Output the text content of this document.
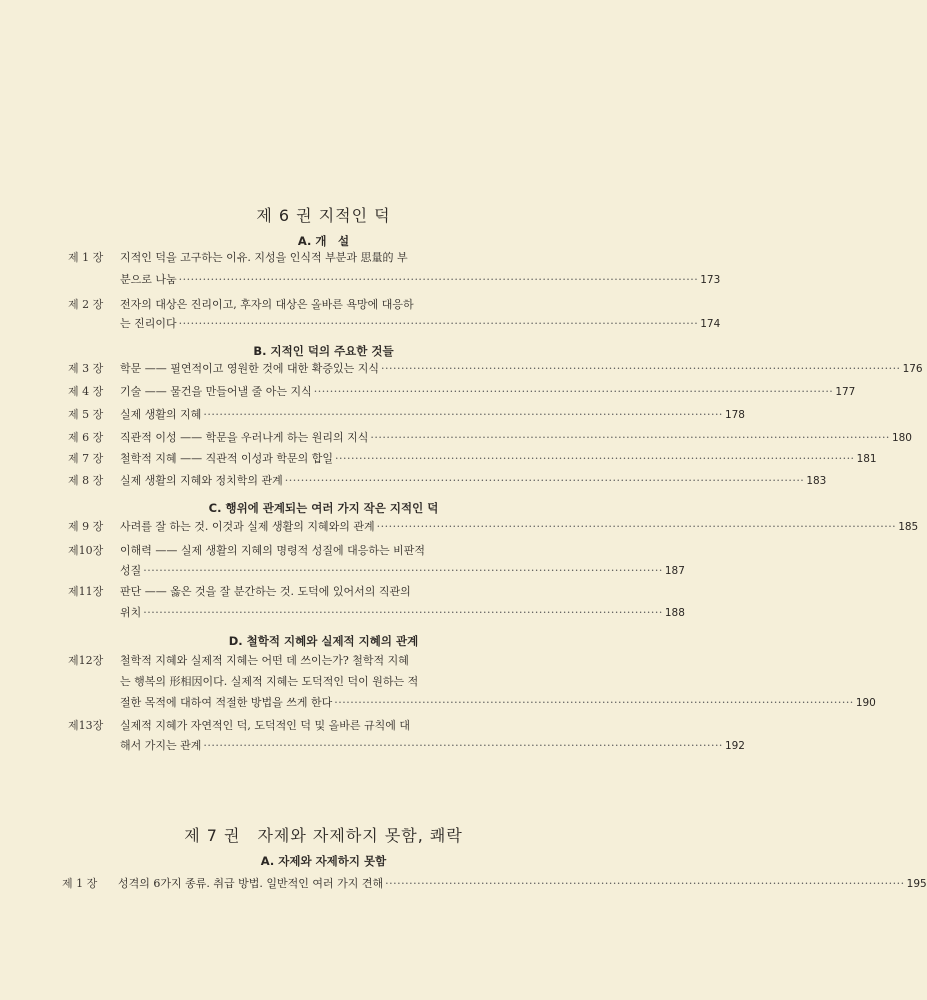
제 6 권 지적인 덕
A. 개　설
제 1 장 지적인 덕을 고구하는 이유. 지성을 인식적 부분과 思量的 부
분으로 나눔 ·································································································································· 173
제 2 장 전자의 대상은 진리이고, 후자의 대상은 올바른 욕망에 대응하
는 진리이다 ·································································································································· 174
B. 지적인 덕의 주요한 것들
제 3 장 학문 —— 필연적이고 영원한 것에 대한 확증있는 지식 ·································································································································· 176
제 4 장 기술 —— 물건을 만들어낼 줄 아는 지식 ·································································································································· 177
제 5 장 실제 생활의 지혜 ·································································································································· 178
제 6 장 직관적 이성 —— 학문을 우러나게 하는 원리의 지식 ·································································································································· 180
제 7 장 철학적 지혜 —— 직관적 이성과 학문의 합일 ·································································································································· 181
제 8 장 실제 생활의 지혜와 정치학의 관계 ·································································································································· 183
C. 행위에 관계되는 여러 가지 작은 지적인 덕
제 9 장 사려를 잘 하는 것. 이것과 실제 생활의 지혜와의 관계 ·································································································································· 185
제10장 이해력 —— 실제 생활의 지혜의 명령적 성질에 대응하는 비판적
성질 ·································································································································· 187
제11장 판단 —— 옳은 것을 잘 분간하는 것. 도덕에 있어서의 직관의
위치 ·································································································································· 188
D. 철학적 지혜와 실제적 지혜의 관계
제12장 철학적 지혜와 실제적 지혜는 어떤 데 쓰이는가? 철학적 지혜
는 행복의 形相因이다. 실제적 지혜는 도덕적인 덕이 원하는 적
절한 목적에 대하여 적절한 방법을 쓰게 한다 ·································································································································· 190
제13장 실제적 지혜가 자연적인 덕, 도덕적인 덕 및 올바른 규칙에 대
해서 가지는 관계 ·································································································································· 192
제 7 권　자제와 자제하지 못함, 쾌락
A. 자제와 자제하지 못함
제 1 장 성격의 6가지 종류. 취급 방법. 일반적인 여러 가지 견해 ·································································································································· 195
